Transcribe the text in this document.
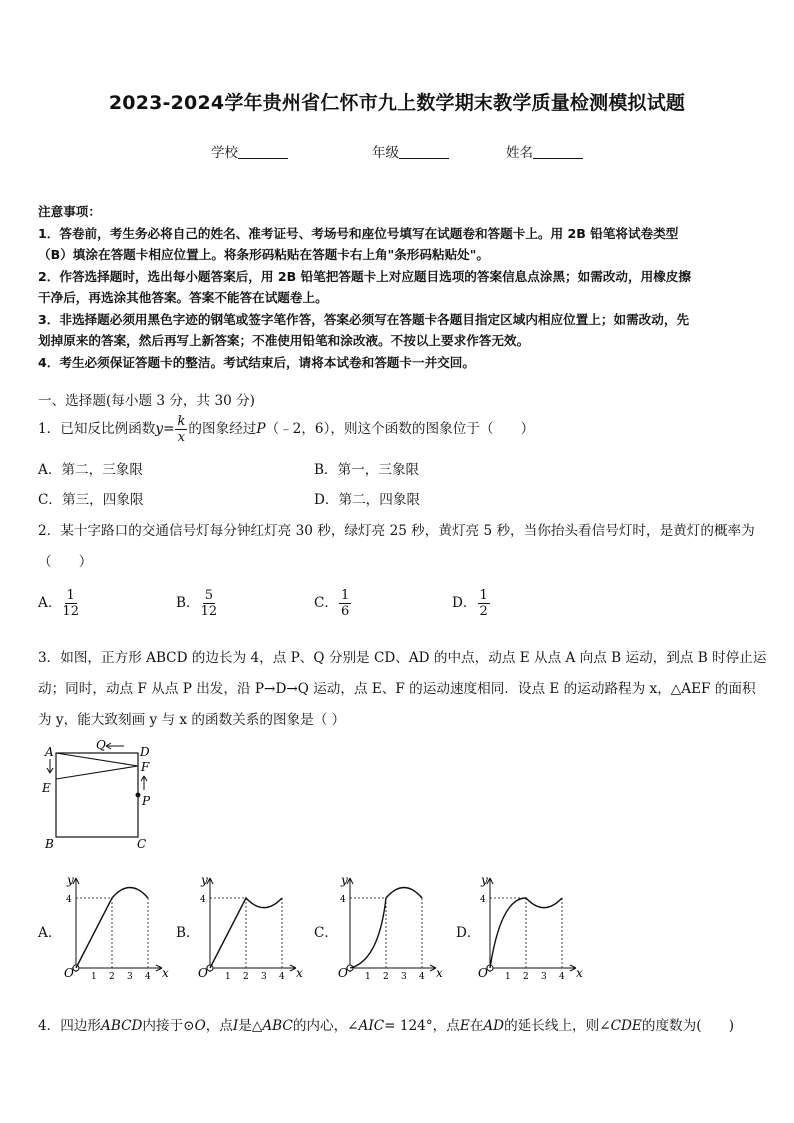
2023-2024学年贵州省仁怀市九上数学期末教学质量检测模拟试题
学校	年级	姓名
注意事项：
1．答卷前，考生务必将自己的姓名、准考证号、考场号和座位号填写在试题卷和答题卡上。用 2B 铅笔将试卷类型
（B）填涂在答题卡相应位置上。将条形码粘贴在答题卡右上角"条形码粘贴处"。
2．作答选择题时，选出每小题答案后，用 2B 铅笔把答题卡上对应题目选项的答案信息点涂黑；如需改动，用橡皮擦
干净后，再选涂其他答案。答案不能答在试题卷上。
3．非选择题必须用黑色字迹的钢笔或签字笔作答，答案必须写在答题卡各题目指定区域内相应位置上；如需改动，先
划掉原来的答案，然后再写上新答案；不准使用铅笔和涂改液。不按以上要求作答无效。
4．考生必须保证答题卡的整洁。考试结束后，请将本试卷和答题卡一并交回。
一、选择题(每小题 3 分，共 30 分)
1．已知反比例函数$y= \frac{k}{x}$ 的图象经过P（﹣2，6），则这个函数的图象位于（　　）
A．第二，三象限	B．第一，三象限
C．第三，四象限	D．第二，四象限
2．某十字路口的交通信号灯每分钟红灯亮 30 秒，绿灯亮 25 秒，黄灯亮 5 秒，当你抬头看信号灯时，是黄灯的概率为
（　　）
A． $\frac{1}{12}$	B． $\frac{5}{12}$	C． $\frac{1}{6}$	D． $\frac{1}{2}$
3．如图，正方形 ABCD 的边长为 4，点 P、Q 分别是 CD、AD 的中点，动点 E 从点 A 向点 B 运动，到点 B 时停止运
动；同时，动点 F 从点 P 出发，沿 P→D→Q 运动，点 E、F 的运动速度相同．设点 E 的运动路程为 x，△AEF 的面积
为 y，能大致刻画 y 与 x 的函数关系的图象是（ ）
A	Q	D
F
E
P
B	C
A．	B．	C．	D．
O
y
x
4
1 2 3 4	O
y
x
4
1 2 3 4	O
y
x
4
1 2 3 4	O
y
x
4
1 2 3 4
4．四边形ABCD内接于⊙O，点I是△ABC的内心，∠AIC= 124°，点E在AD的延长线上，则∠CDE的度数为(　　)
